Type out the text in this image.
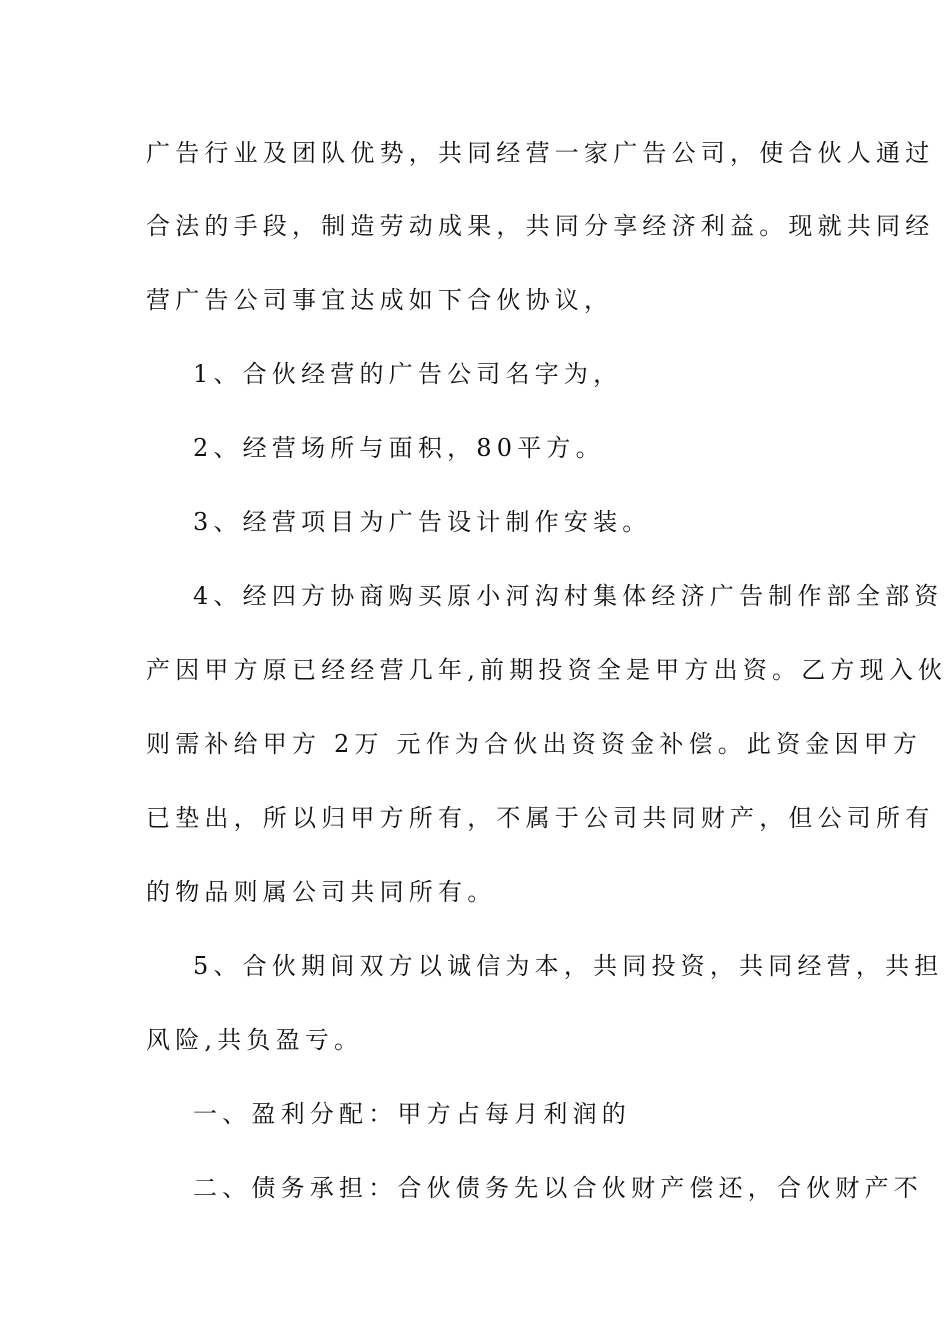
广告行业及团队优势，共同经营一家广告公司，使合伙人通过
合法的手段，制造劳动成果，共同分享经济利益。现就共同经
营广告公司事宜达成如下合伙协议，
1、合伙经营的广告公司名字为，
2、经营场所与面积，80平方。
3、经营项目为广告设计制作安装。
4、经四方协商购买原小河沟村集体经济广告制作部全部资
产因甲方原已经经营几年,前期投资全是甲方出资。乙方现入伙
则需补给甲方 2万 元作为合伙出资资金补偿。此资金因甲方
已垫出，所以归甲方所有，不属于公司共同财产，但公司所有
的物品则属公司共同所有。
5、合伙期间双方以诚信为本，共同投资，共同经营，共担
风险,共负盈亏。
一、盈利分配：甲方占每月利润的
二、债务承担：合伙债务先以合伙财产偿还，合伙财产不
